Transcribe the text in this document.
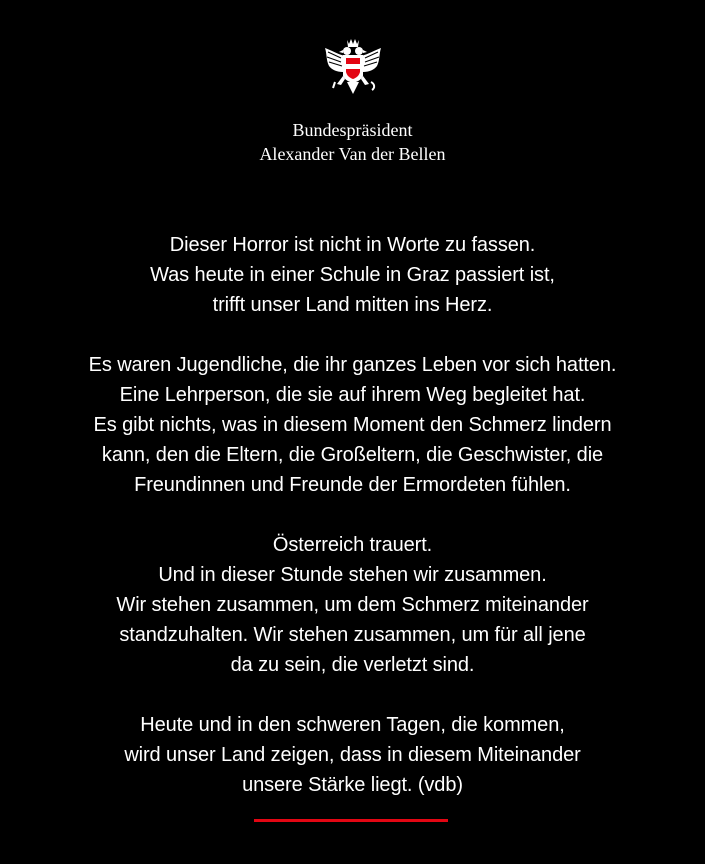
Bundespräsident
Alexander Van der Bellen
Dieser Horror ist nicht in Worte zu fassen.
Was heute in einer Schule in Graz passiert ist,
trifft unser Land mitten ins Herz.
Es waren Jugendliche, die ihr ganzes Leben vor sich hatten.
Eine Lehrperson, die sie auf ihrem Weg begleitet hat.
Es gibt nichts, was in diesem Moment den Schmerz lindern
kann, den die Eltern, die Großeltern, die Geschwister, die
Freundinnen und Freunde der Ermordeten fühlen.
Österreich trauert.
Und in dieser Stunde stehen wir zusammen.
Wir stehen zusammen, um dem Schmerz miteinander
standzuhalten. Wir stehen zusammen, um für all jene
da zu sein, die verletzt sind.
Heute und in den schweren Tagen, die kommen,
wird unser Land zeigen, dass in diesem Miteinander
unsere Stärke liegt. (vdb)
